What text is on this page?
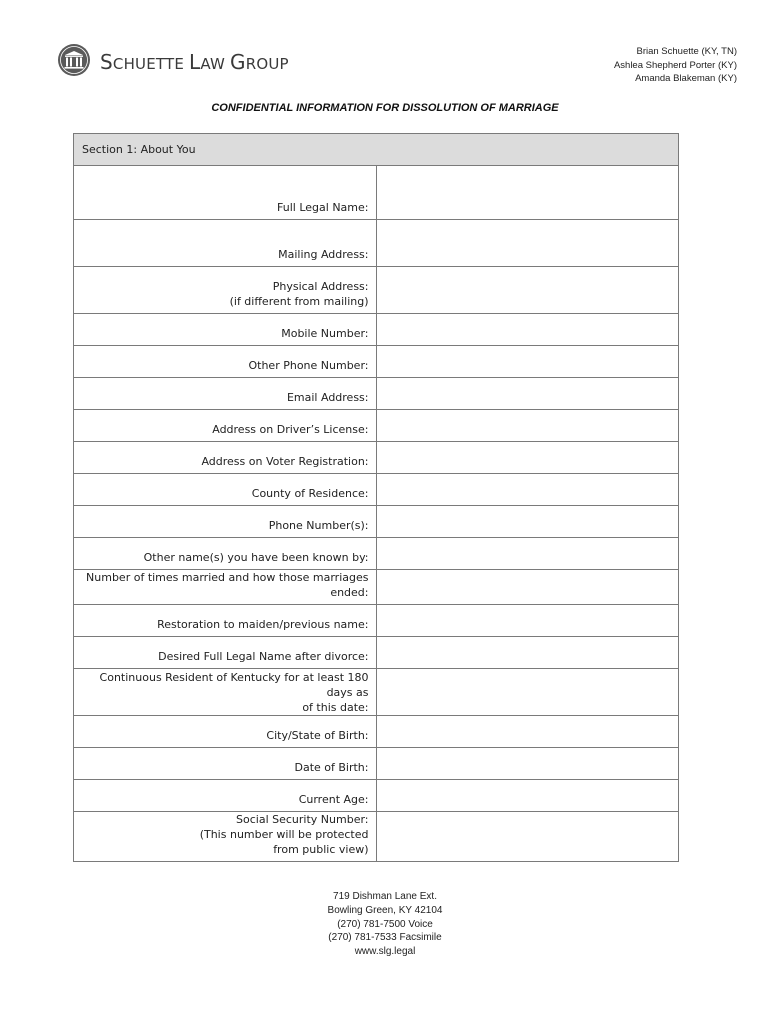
SCHUETTE LAW GROUP
Brian Schuette (KY, TN)
Ashlea Shepherd Porter (KY)
Amanda Blakeman (KY)
CONFIDENTIAL INFORMATION FOR DISSOLUTION OF MARRIAGE
Section 1: About You	

Full Legal Name:	

Mailing Address:	

Physical Address:
(if different from mailing)	

Mobile Number:	

Other Phone Number:	

Email Address:	

Address on Driver’s License:	

Address on Voter Registration:	

County of Residence:	

Phone Number(s):	

Other name(s) you have been known by:	

Number of times married and how those marriages ended:	

Restoration to maiden/previous name:	

Desired Full Legal Name after divorce:	

Continuous Resident of Kentucky for at least 180 days as
of this date:	

City/State of Birth:	

Date of Birth:	

Current Age:	

Social Security Number:
(This number will be protected
from public view)	

719 Dishman Lane Ext.
Bowling Green, KY 42104
(270) 781-7500 Voice
(270) 781-7533 Facsimile
www.slg.legal
